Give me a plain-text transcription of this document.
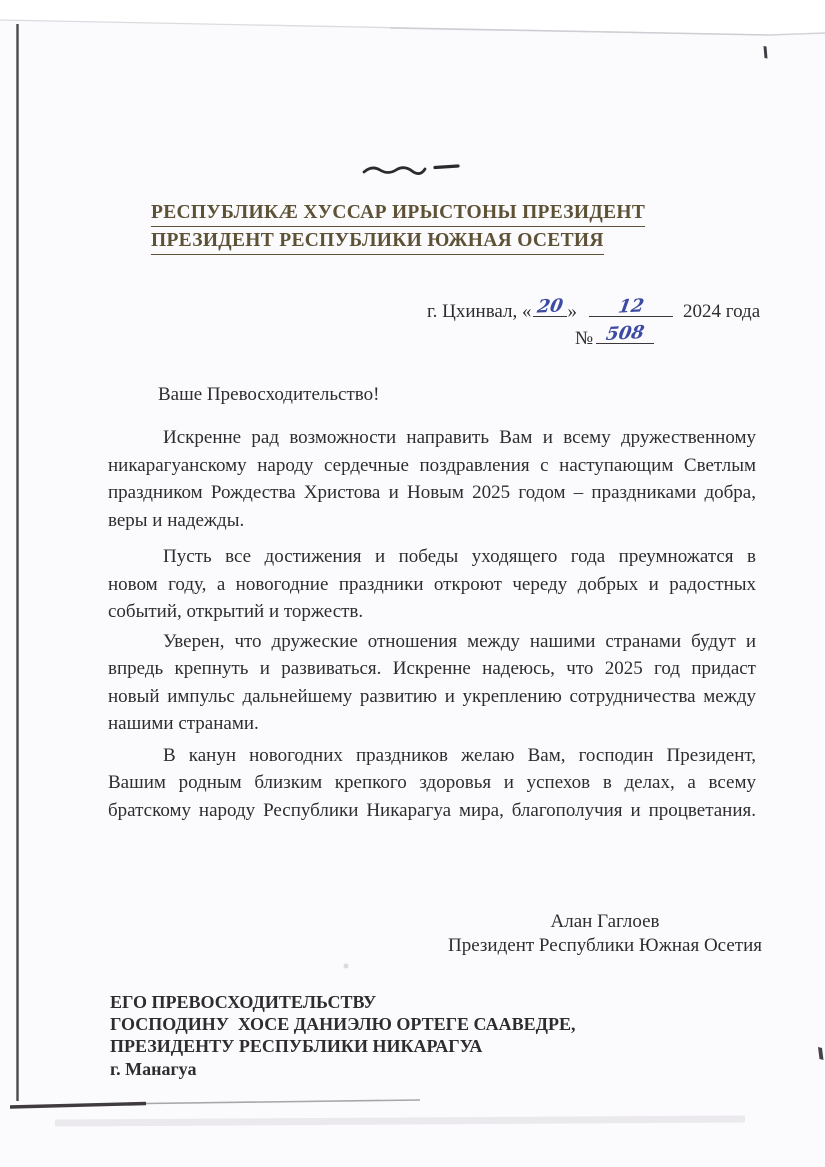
РЕСПУБЛИКÆ ХУССАР ИРЫСТОНЫ ПРЕЗИДЕНТ
ПРЕЗИДЕНТ РЕСПУБЛИКИ ЮЖНАЯ ОСЕТИЯ
г. Цхинвал, « 20 » 12 2024 года
№ 508
Ваше Превосходительство!
Искренне рад возможности направить Вам и всему дружественному
никарагуанскому народу сердечные поздравления с наступающим Светлым
праздником Рождества Христова и Новым 2025 годом – праздниками добра,
веры и надежды.
Пусть все достижения и победы уходящего года преумножатся в
новом году, а новогодние праздники откроют череду добрых и радостных
событий, открытий и торжеств.
Уверен, что дружеские отношения между нашими странами будут и
впредь крепнуть и развиваться. Искренне надеюсь, что 2025 год придаст
новый импульс дальнейшему развитию и укреплению сотрудничества между
нашими странами.
В канун новогодних праздников желаю Вам, господин Президент,
Вашим родным близким крепкого здоровья и успехов в делах, а всему
братскому народу Республики Никарагуа мира, благополучия и процветания.
Алан Гаглоев
Президент Республики Южная Осетия
ЕГО ПРЕВОСХОДИТЕЛЬСТВУ
ГОСПОДИНУ  ХОСЕ ДАНИЭЛЮ ОРТЕГЕ СААВЕДРЕ,
ПРЕЗИДЕНТУ РЕСПУБЛИКИ НИКАРАГУА
г. Манагуа
